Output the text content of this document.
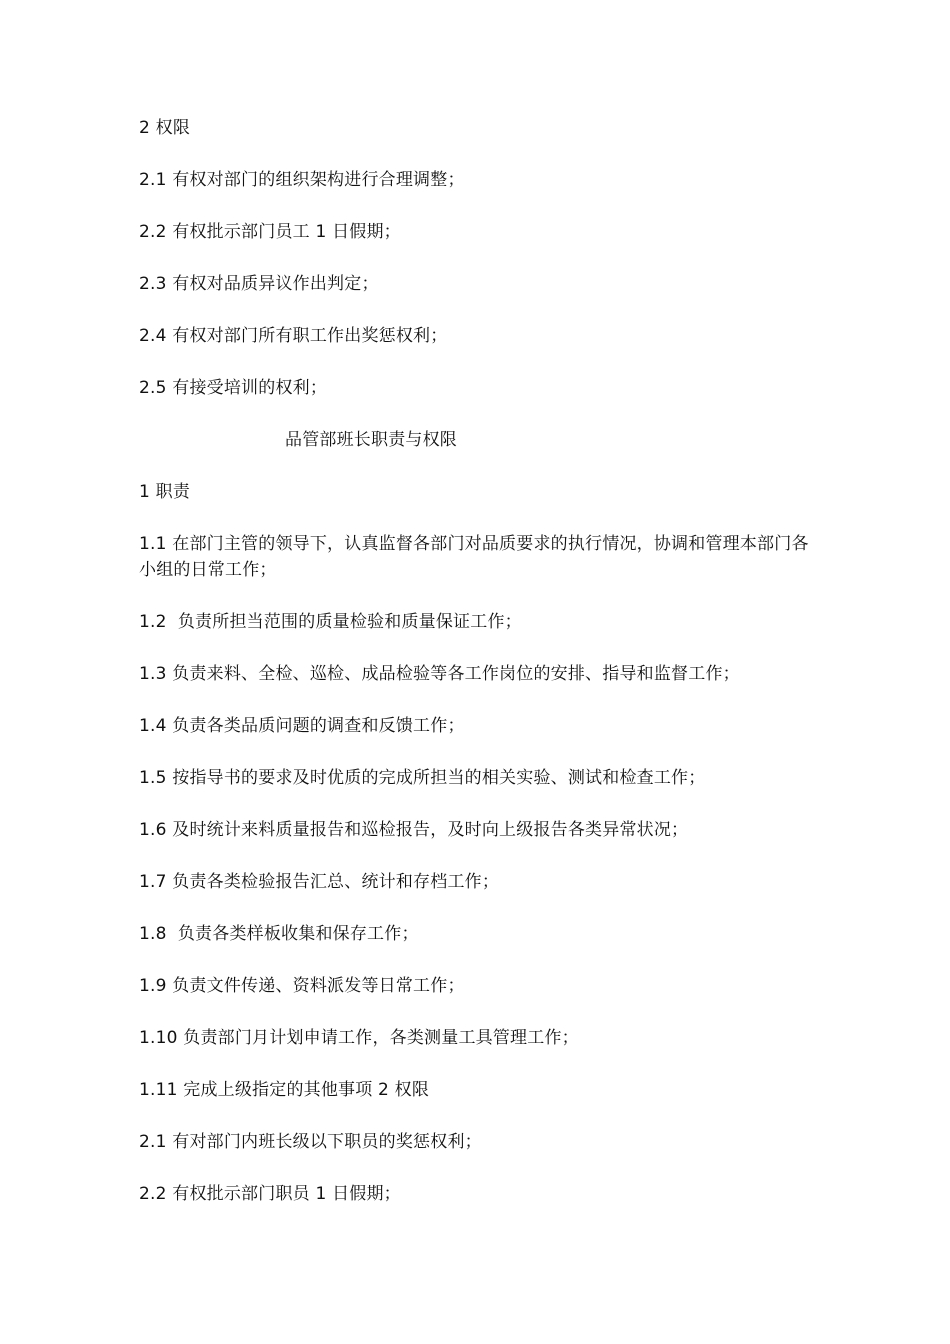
2 权限
2.1 有权对部门的组织架构进行合理调整；
2.2 有权批示部门员工 1 日假期；
2.3 有权对品质异议作出判定；
2.4 有权对部门所有职工作出奖惩权利；
2.5 有接受培训的权利；
品管部班长职责与权限
1 职责
1.1 在部门主管的领导下，认真监督各部门对品质要求的执行情况，协调和管理本部门各小组的日常工作；
1.2  负责所担当范围的质量检验和质量保证工作；
1.3 负责来料、全检、巡检、成品检验等各工作岗位的安排、指导和监督工作；
1.4 负责各类品质问题的调查和反馈工作；
1.5 按指导书的要求及时优质的完成所担当的相关实验、测试和检查工作；
1.6 及时统计来料质量报告和巡检报告，及时向上级报告各类异常状况；
1.7 负责各类检验报告汇总、统计和存档工作；
1.8  负责各类样板收集和保存工作；
1.9 负责文件传递、资料派发等日常工作；
1.10 负责部门月计划申请工作，各类测量工具管理工作；
1.11 完成上级指定的其他事项 2 权限
2.1 有对部门内班长级以下职员的奖惩权利；
2.2 有权批示部门职员 1 日假期；
